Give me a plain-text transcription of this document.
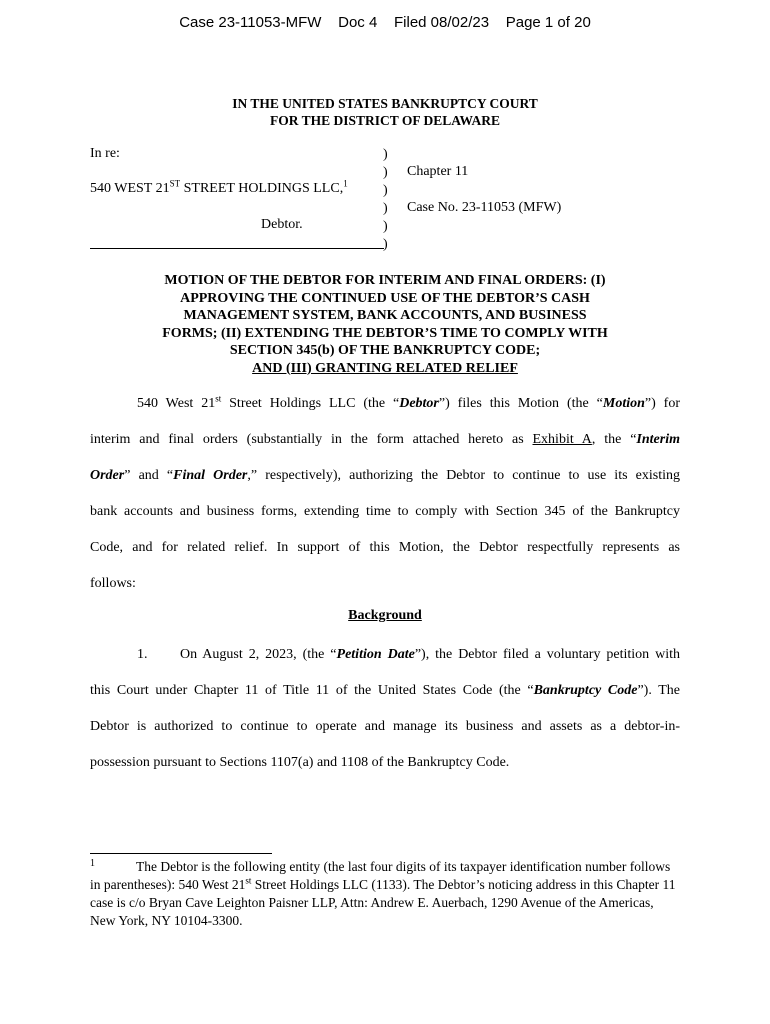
Case 23-11053-MFW    Doc 4    Filed 08/02/23    Page 1 of 20
IN THE UNITED STATES BANKRUPTCY COURT
FOR THE DISTRICT OF DELAWARE
In re:
540 WEST 21ST STREET HOLDINGS LLC,$^1$
Debtor.
)
)
)
)
)
)
Chapter 11
Case No. 23-11053 (MFW)
MOTION OF THE DEBTOR FOR INTERIM AND FINAL ORDERS: (I)
APPROVING THE CONTINUED USE OF THE DEBTOR’S CASH
MANAGEMENT SYSTEM, BANK ACCOUNTS, AND BUSINESS
FORMS; (II) EXTENDING THE DEBTOR’S TIME TO COMPLY WITH
SECTION 345(b) OF THE BANKRUPTCY CODE;
AND (III) GRANTING RELATED RELIEF
540 West 21st Street Holdings LLC (the “Debtor”) files this Motion (the “Motion”) for
interim and final orders (substantially in the form attached hereto as Exhibit A, the “Interim
Order” and “Final Order,” respectively), authorizing the Debtor to continue to use its existing
bank accounts and business forms, extending time to comply with Section 345 of the Bankruptcy
Code, and for related relief. In support of this Motion, the Debtor respectfully represents as
follows:
Background
1. On August 2, 2023, (the “Petition Date”), the Debtor filed a voluntary petition with
this Court under Chapter 11 of Title 11 of the United States Code (the “Bankruptcy Code”). The
Debtor is authorized to continue to operate and manage its business and assets as a debtor-in-
possession pursuant to Sections 1107(a) and 1108 of the Bankruptcy Code.
$^1$	The Debtor is the following entity (the last four digits of its taxpayer identification number follows in parentheses): 540 West 21st Street Holdings LLC (1133). The Debtor’s noticing address in this Chapter 11 case is c/o Bryan Cave Leighton Paisner LLP, Attn: Andrew E. Auerbach, 1290 Avenue of the Americas, New York, NY 10104-3300.
